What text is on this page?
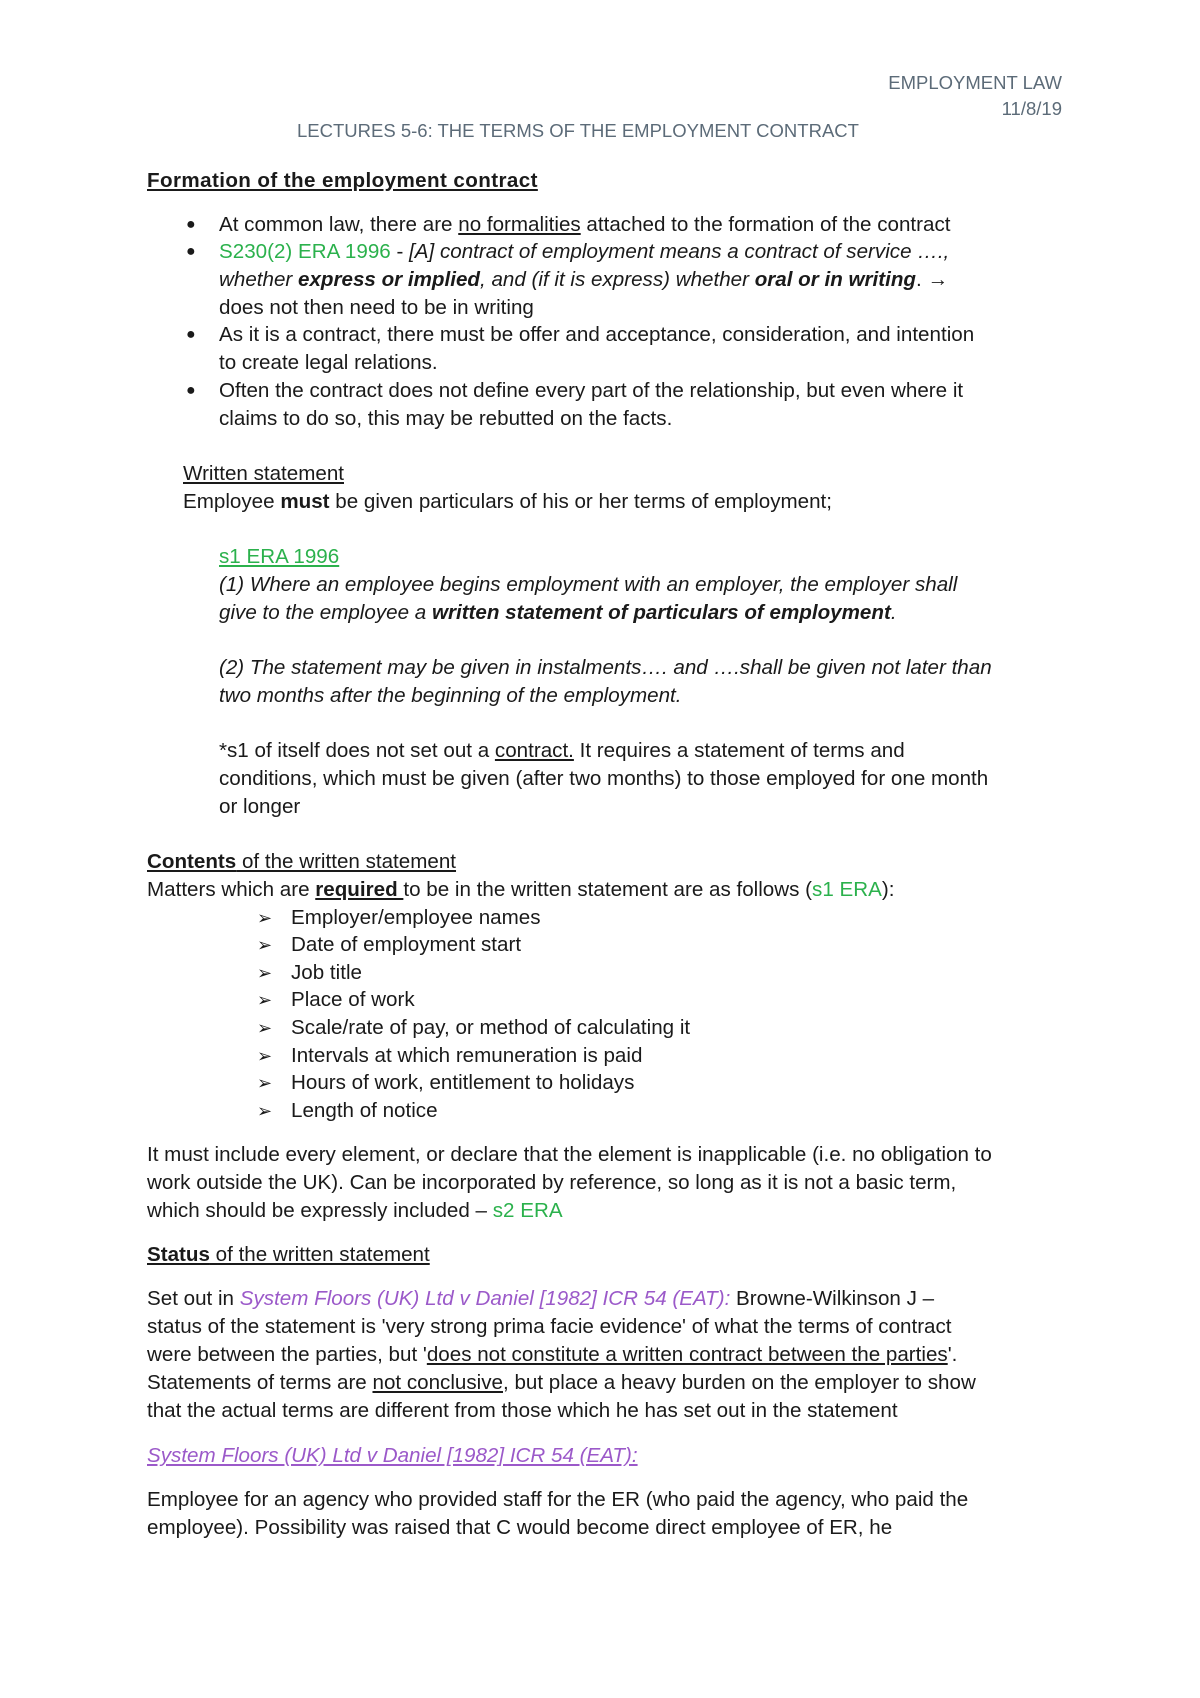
EMPLOYMENT LAW
11/8/19
LECTURES 5-6: THE TERMS OF THE EMPLOYMENT CONTRACT
Formation of the employment contract
● At common law, there are no formalities attached to the formation of the contract
● S230(2) ERA 1996 - [A] contract of employment means a contract of service ….,
whether express or implied, and (if it is express) whether oral or in writing. →
does not then need to be in writing
● As it is a contract, there must be offer and acceptance, consideration, and intention
to create legal relations.
● Often the contract does not define every part of the relationship, but even where it
claims to do so, this may be rebutted on the facts.
Written statement
Employee must be given particulars of his or her terms of employment;
s1 ERA 1996
(1) Where an employee begins employment with an employer, the employer shall
give to the employee a written statement of particulars of employment.
(2) The statement may be given in instalments…. and ….shall be given not later than
two months after the beginning of the employment.
*s1 of itself does not set out a contract. It requires a statement of terms and
conditions, which must be given (after two months) to those employed for one month
or longer
Contents of the written statement
Matters which are required to be in the written statement are as follows (s1 ERA):
➢ Employer/employee names
➢ Date of employment start
➢ Job title
➢ Place of work
➢ Scale/rate of pay, or method of calculating it
➢ Intervals at which remuneration is paid
➢ Hours of work, entitlement to holidays
➢ Length of notice
It must include every element, or declare that the element is inapplicable (i.e. no obligation to
work outside the UK). Can be incorporated by reference, so long as it is not a basic term,
which should be expressly included – s2 ERA
Status of the written statement
Set out in System Floors (UK) Ltd v Daniel [1982] ICR 54 (EAT): Browne-Wilkinson J –
status of the statement is 'very strong prima facie evidence' of what the terms of contract
were between the parties, but 'does not constitute a written contract between the parties'.
Statements of terms are not conclusive, but place a heavy burden on the employer to show
that the actual terms are different from those which he has set out in the statement
System Floors (UK) Ltd v Daniel [1982] ICR 54 (EAT):
Employee for an agency who provided staff for the ER (who paid the agency, who paid the
employee). Possibility was raised that C would become direct employee of ER, he
